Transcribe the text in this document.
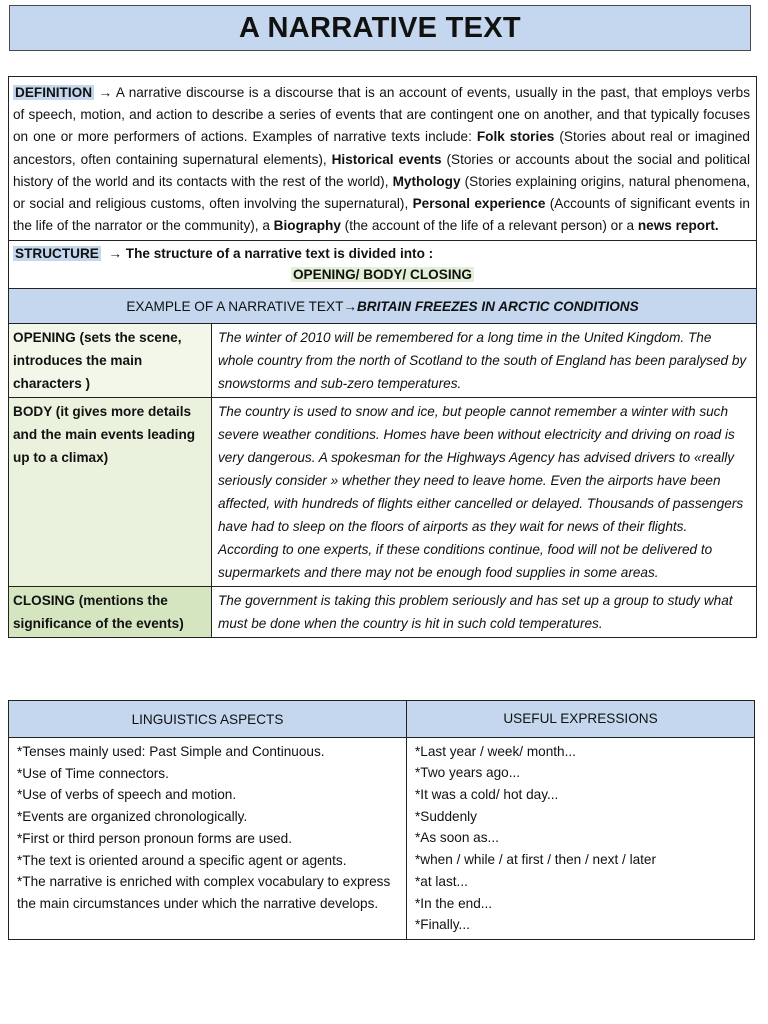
A NARRATIVE TEXT
DEFINITION → A narrative discourse is a discourse that is an account of events, usually in the past, that employs verbs of speech, motion, and action to describe a series of events that are contingent one on another, and that typically focuses on one or more performers of actions. Examples of narrative texts include: Folk stories (Stories about real or imagined ancestors, often containing supernatural elements), Historical events (Stories or accounts about the social and political history of the world and its contacts with the rest of the world), Mythology (Stories explaining origins, natural phenomena, or social and religious customs, often involving the supernatural), Personal experience (Accounts of significant events in the life of the narrator or the community), a Biography (the account of the life of a relevant person) or a news report.
STRUCTURE → The structure of a narrative text is divided into :
OPENING/ BODY/ CLOSING
EXAMPLE OF A NARRATIVE TEXT → BRITAIN FREEZES IN ARCTIC CONDITIONS
OPENING (sets the scene, introduces the main characters )
The winter of 2010 will be remembered for a long time in the United Kingdom. The whole country from the north of Scotland to the south of England has been paralysed by snowstorms and sub-zero temperatures.
BODY (it gives more details and the main events leading up to a climax)
The country is used to snow and ice, but people cannot remember a winter with such severe weather conditions. Homes have been without electricity and driving on road is very dangerous. A spokesman for the Highways Agency has advised drivers to «really seriously consider » whether they need to leave home. Even the airports have been affected, with hundreds of flights either cancelled or delayed. Thousands of passengers have had to sleep on the floors of airports as they wait for news of their flights. According to one experts, if these conditions continue, food will not be delivered to supermarkets and there may not be enough food supplies in some areas.
CLOSING (mentions the significance of the events)
The government is taking this problem seriously and has set up a group to study what must be done when the country is hit in such cold temperatures.
LINGUISTICS ASPECTS
*Tenses mainly used: Past Simple and Continuous.
*Use of Time connectors.
*Use of verbs of speech and motion.
*Events are organized chronologically.
*First or third person pronoun forms are used.
*The text is oriented around a specific agent or agents.
*The narrative is enriched with complex vocabulary to express the main circumstances under which the narrative develops.
USEFUL EXPRESSIONS
*Last year / week/ month...
*Two years ago...
*It was a cold/ hot day...
*Suddenly
*As soon as...
*when / while / at first / then / next / later
*at last...
*In the end...
*Finally...
